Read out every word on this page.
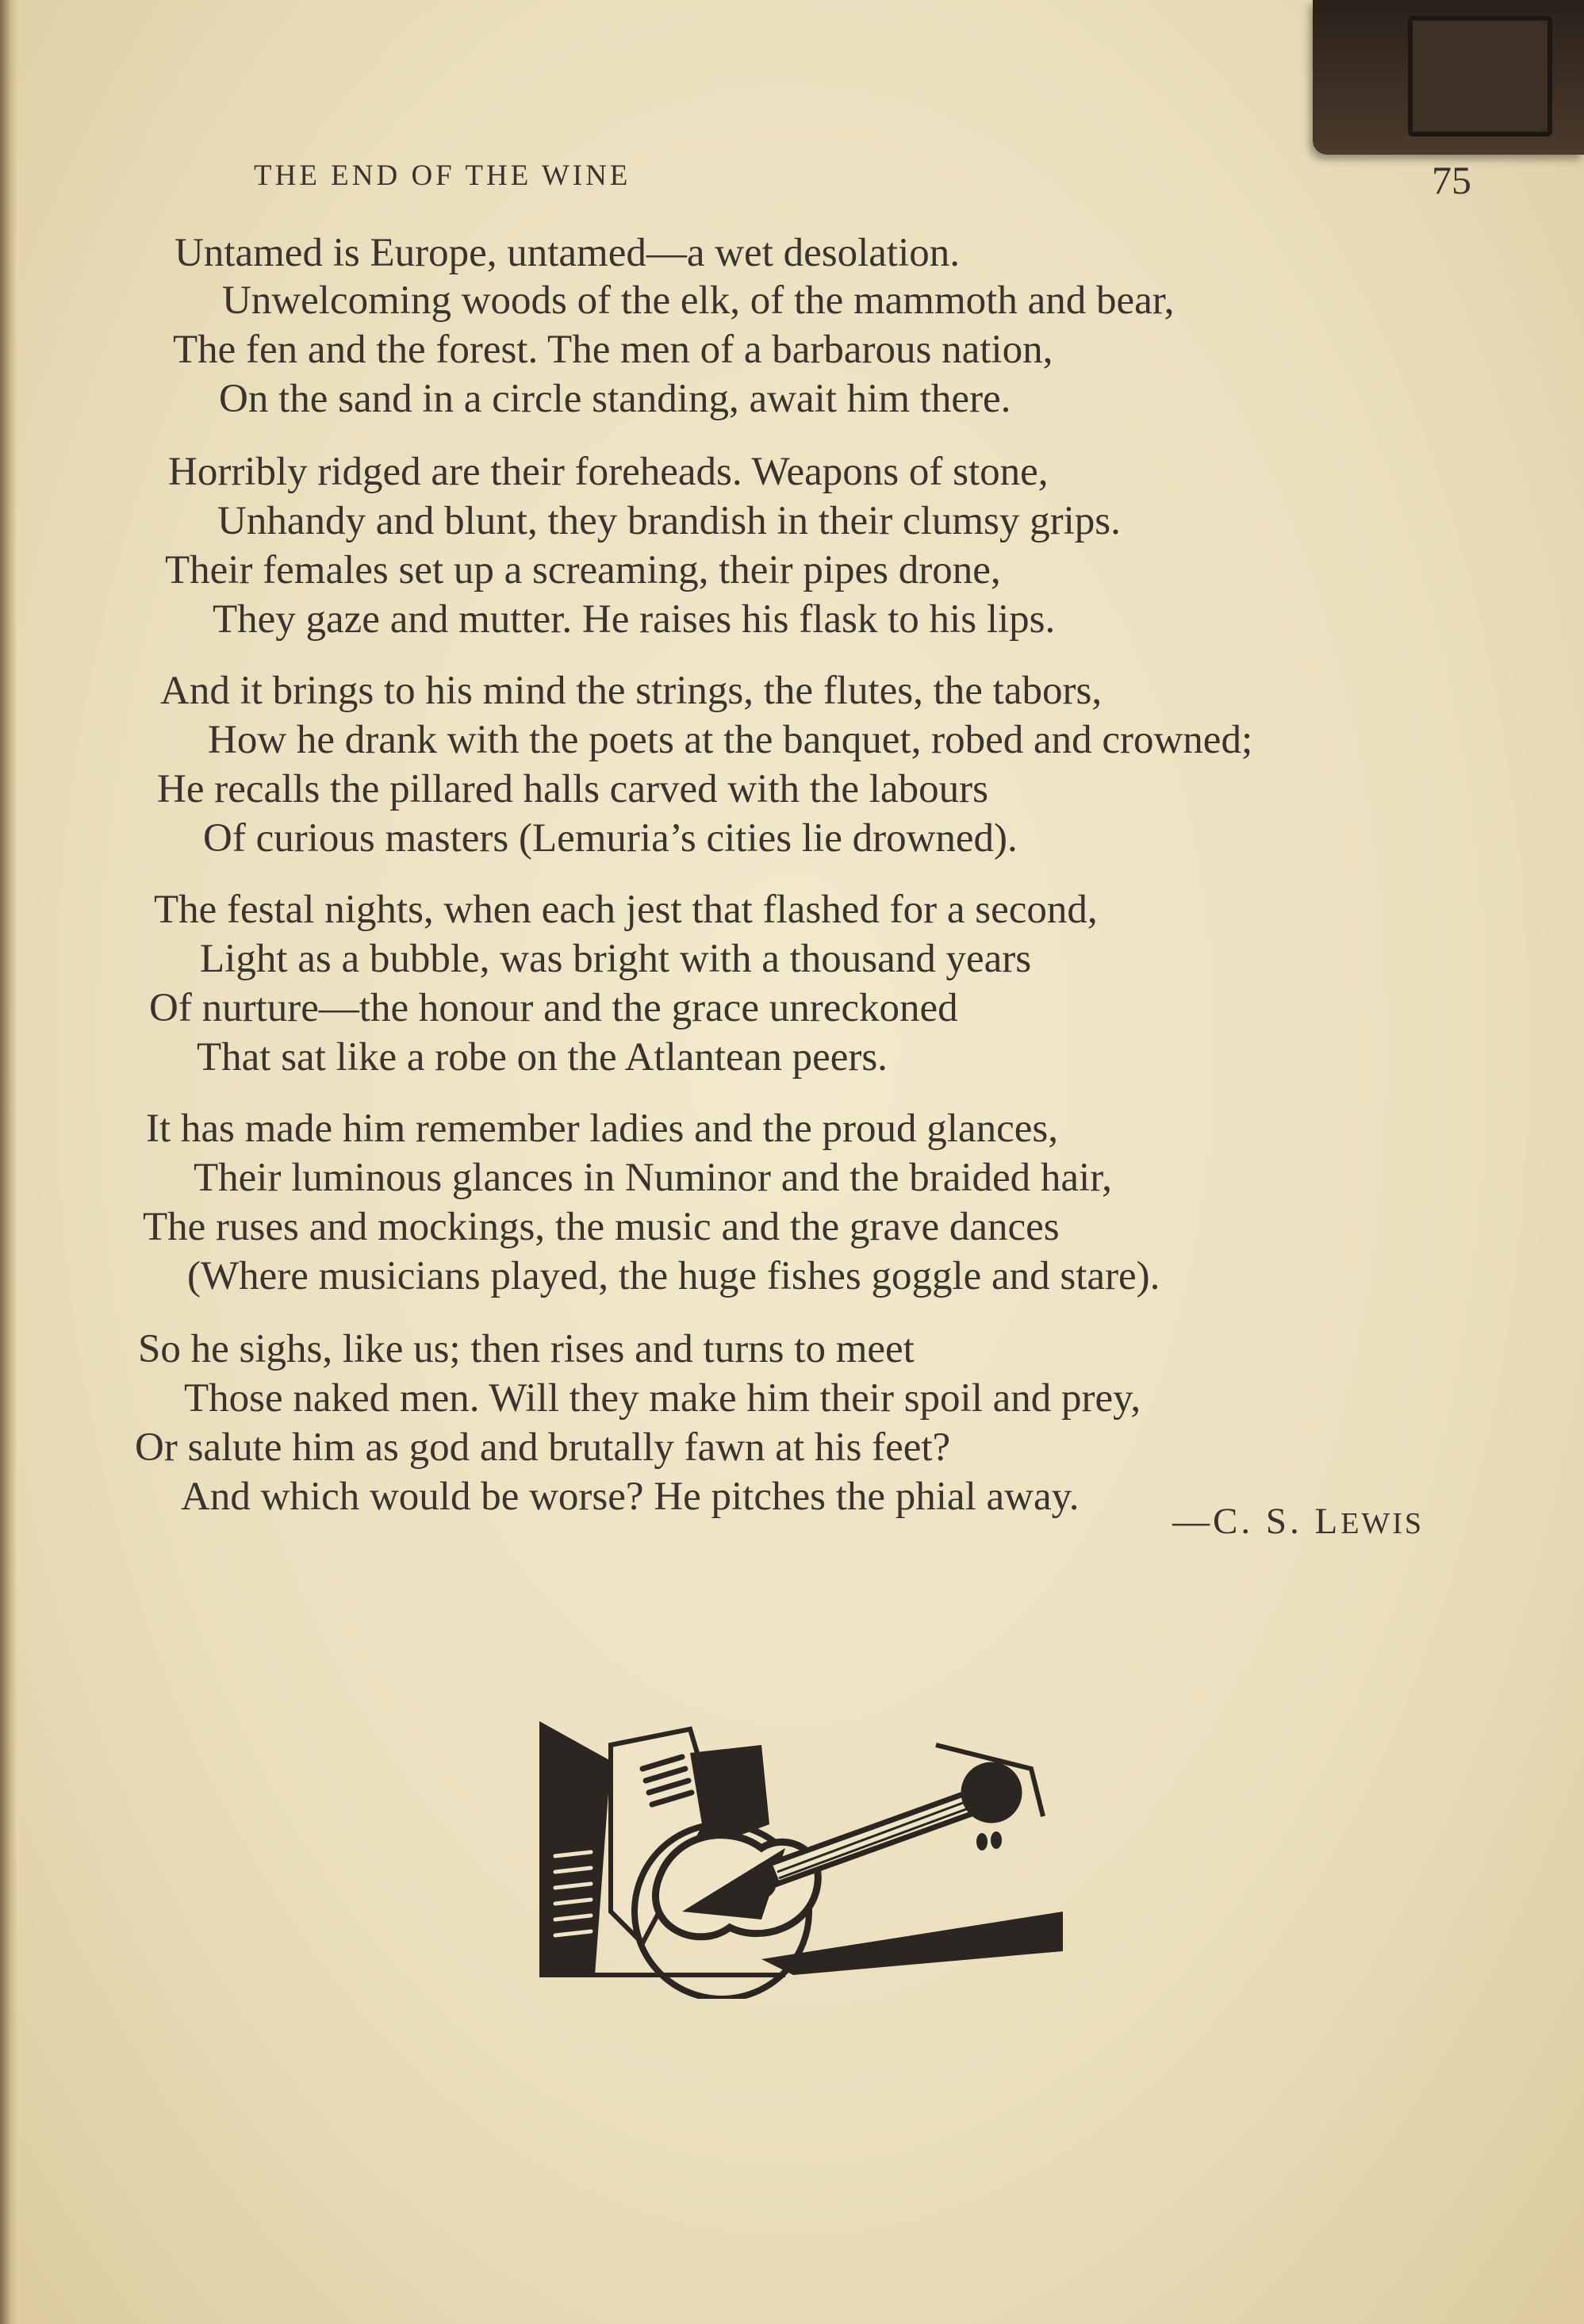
THE END OF THE WINE	75
Untamed is Europe, untamed—a wet desolation.
Unwelcoming woods of the elk, of the mammoth and bear,
The fen and the forest. The men of a barbarous nation,
On the sand in a circle standing, await him there.
Horribly ridged are their foreheads. Weapons of stone,
Unhandy and blunt, they brandish in their clumsy grips.
Their females set up a screaming, their pipes drone,
They gaze and mutter. He raises his flask to his lips.
And it brings to his mind the strings, the flutes, the tabors,
How he drank with the poets at the banquet, robed and crowned;
He recalls the pillared halls carved with the labours
Of curious masters (Lemuria’s cities lie drowned).
The festal nights, when each jest that flashed for a second,
Light as a bubble, was bright with a thousand years
Of nurture—the honour and the grace unreckoned
That sat like a robe on the Atlantean peers.
It has made him remember ladies and the proud glances,
Their luminous glances in Numinor and the braided hair,
The ruses and mockings, the music and the grave dances
(Where musicians played, the huge fishes goggle and stare).
So he sighs, like us; then rises and turns to meet
Those naked men. Will they make him their spoil and prey,
Or salute him as god and brutally fawn at his feet?
And which would be worse? He pitches the phial away.
—C. S. LEWIS
